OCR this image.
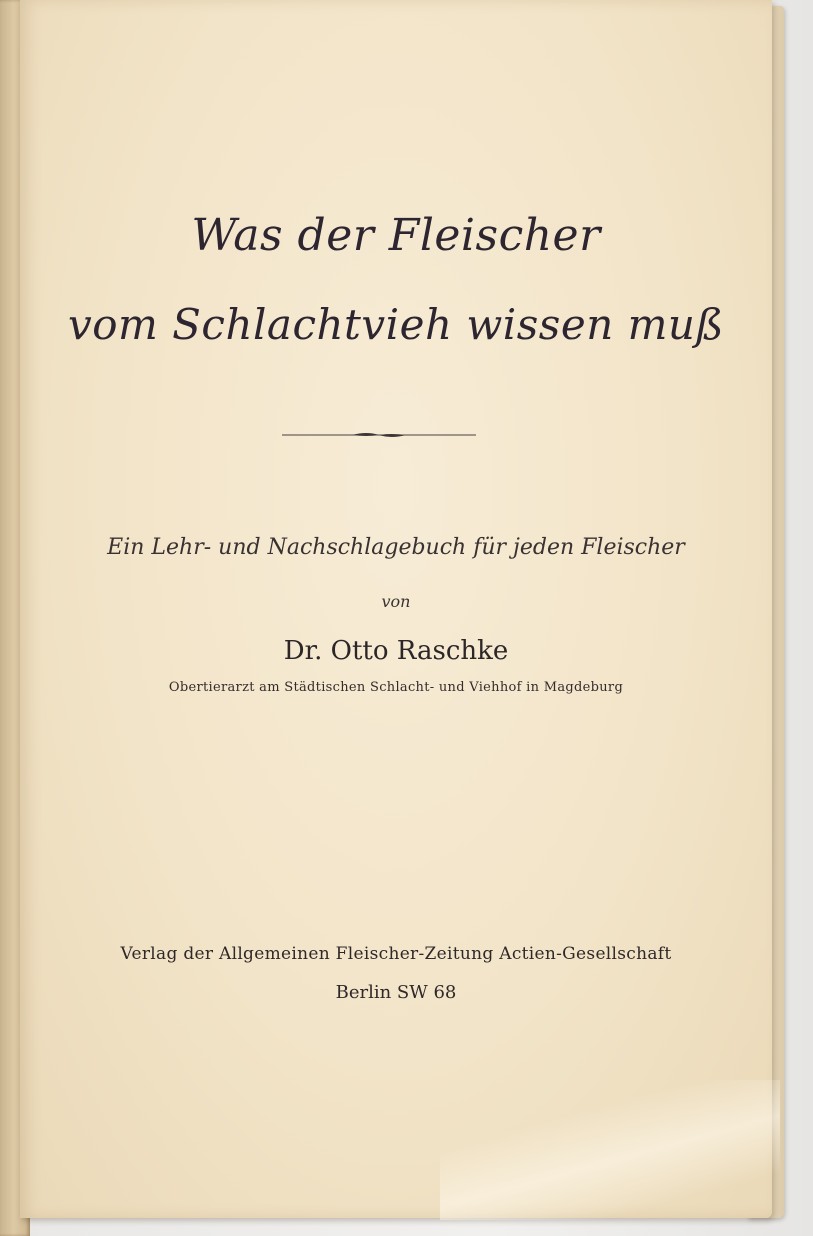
Was der Fleischer
vom Schlachtvieh wissen muß
Ein Lehr- und Nachschlagebuch für jeden Fleischer
von
Dr. Otto Raschke
Obertierarzt am Städtischen Schlacht- und Viehhof in Magdeburg
Verlag der Allgemeinen Fleischer-Zeitung Actien-Gesellschaft
Berlin SW 68
